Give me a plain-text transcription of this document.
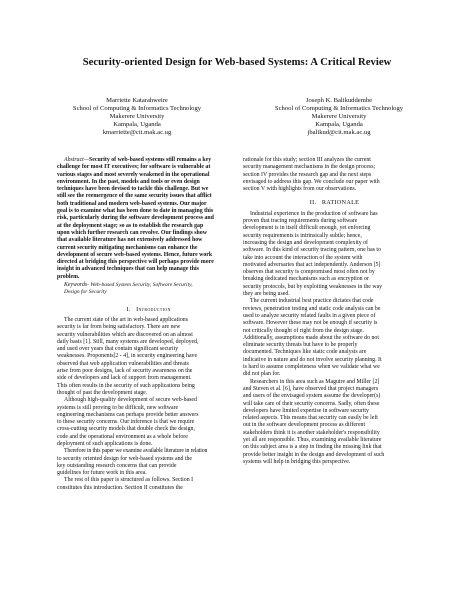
Security-oriented Design for Web-based Systems: A Critical Review
Marriette Katarahweire
School of Computing & Informatics Technology
Makerere University
Kampala, Uganda
kmarriette@cit.mak.ac.ug
Joseph K. Balikuddembe
School of Computing & Informatics Technology
Makerere University
Kampala, Uganda
jbalikud@cit.mak.ac.ug

Abstract—Security of web-based systems still remains a key
challenge for most IT executives; for software is vulnerable at
various stages and most severely weakened in the operational
environment. In the past, models and tools or even design
techniques have been devised to tackle this challenge. But we
still see the reemergence of the same security issues that afflict
both traditional and modern web-based systems. Our major
goal is to examine what has been done to date in managing this
risk, particularly during the software development process and
at the deployment stage; so as to establish the research gap
upon which further research can revolve. Our findings show
that available literature has not extensively addressed how
current security mitigating mechanisms can enhance the
development of secure web-based systems. Hence, future work
directed at bridging this perspective will perhaps provide more
insight in advanced techniques that can help manage this
problem.

Keywords- Web-based System Security, Software Security,
Design for Security

I. Introduction

The current state of the art in web-based applications
security is far from being satisfactory. There are new
security vulnerabilities which are discovered on an almost
daily basis [1]. Still, many systems are developed, deployed,
and used over years that contain significant security
weaknesses. Proponents[2 - 4], in security engineering have
observed that web application vulnerabilities and threats
arise from poor designs, lack of security awareness on the
side of developers and lack of support from management.
This often results in the security of such applications being
thought of past the development stage.

Although high-quality development of secure web-based
systems is still proving to be difficult, new software
engineering mechanisms can perhaps provide better answers
to these security concerns. Our inference is that we require
cross-cutting security models that double check the design,
code and the operational environment as a whole before
deployment of such applications is done.

Therefore in this paper we examine available literature in relation
to security oriented design for web-based systems and the
key outstanding research concerns that can provide
guidelines for future work in this area.

The rest of this paper is structured as follows. Section I
constitutes this introduction. Section II constitutes the

rationale for this study; section III analyzes the current
security management mechanisms in the design process;
section IV provides the research gap and the next steps
envisaged to address this gap. We conclude our paper with
section V with highlights from our observations.

II. RATIONALE

Industrial experience in the production of software has
proven that tracing requirements during software
development is in itself difficult enough, yet enforcing
security requirements is intrinsically subtle; hence,
increasing the design and development complexity of
software. In this kind of security tracing pattern, one has to
take into account the interaction of the system with
motivated adversaries that act independently. Anderson [5]
observes that security is compromised most often not by
breaking dedicated mechanisms such as encryption or
security protocols, but by exploiting weaknesses in the way
they are being used.

The current industrial best practice dictates that code
reviews, penetration testing and static code analysis can be
used to analyze security related faults in a given piece of
software. However these may not be enough if security is
not critically thought of right from the design stage.
Additionally, assumptions made about the software do not
eliminate security threats but have to be properly
documented. Techniques like static code analysis are
indicative in nature and do not involve security planning. It
is hard to assume completeness when we validate what we
did not plan for.

Researchers in this area such as Maguire and Miller [2]
and Steven et al. [6], have observed that project managers
and users of the envisaged system assume the developer(s)
will take care of their security concerns. Sadly, often these
developers have limited expertise in software security
related aspects. This means that security can easily be left
out in the software development process as different
stakeholders think it is another stakeholder's responsibility
yet all are responsible. Thus, examining available literature
on this subject area is a step in finding the missing link that
provide better insight in the design and development of such
systems will help in bridging this perspective.
